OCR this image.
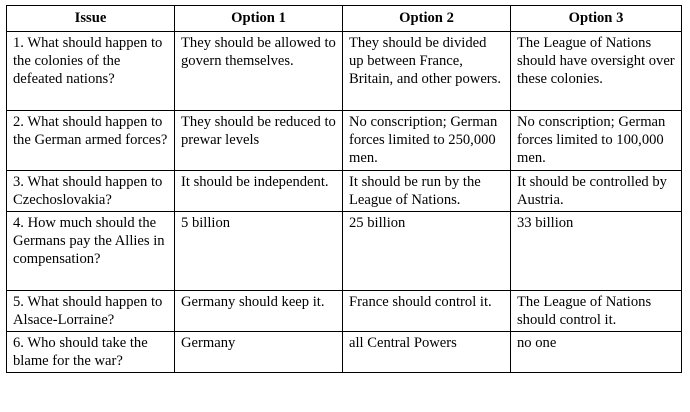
Issue	Option 1	Option 2	Option 3
1. What should happen to the colonies of the defeated nations?	They should be allowed to govern themselves.	They should be divided up between France, Britain, and other powers.	The League of Nations should have oversight over these colonies.
2. What should happen to the German armed forces?	They should be reduced to prewar levels	No conscription; German forces limited to 250,000 men.	No conscription; German forces limited to 100,000 men.
3. What should happen to Czechoslovakia?	It should be independent.	It should be run by the League of Nations.	It should be controlled by Austria.
4. How much should the Germans pay the Allies in compensation?	5 billion	25 billion	33 billion
5. What should happen to Alsace-Lorraine?	Germany should keep it.	France should control it.	The League of Nations should control it.
6. Who should take the blame for the war?	Germany	all Central Powers	no one
